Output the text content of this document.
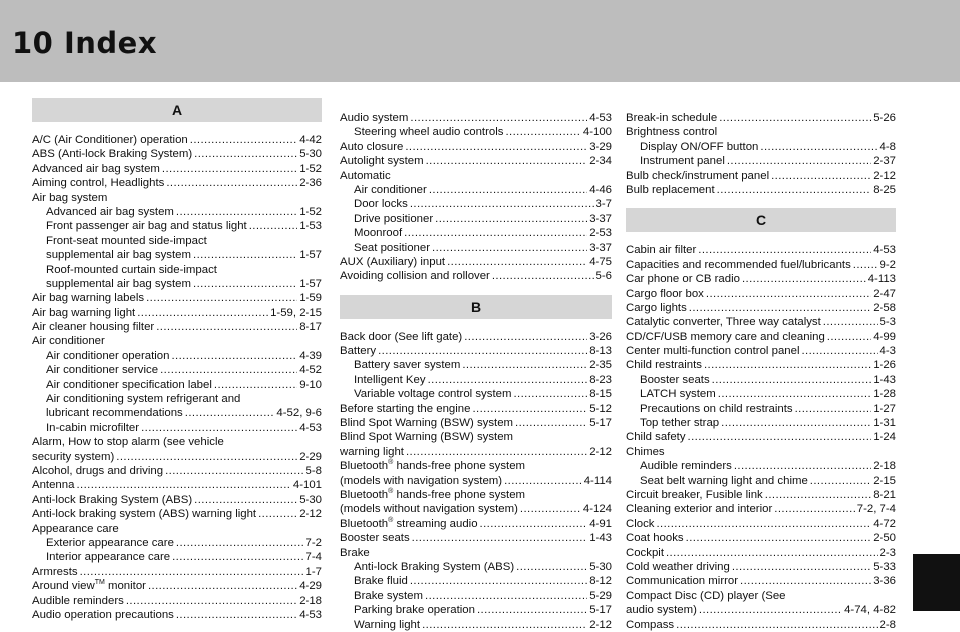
10 Index
A
A/C (Air Conditioner) operation .....	4-42
ABS (Anti-lock Braking System) .....	5-30
Advanced air bag system .....	1-52
Aiming control, Headlights .....	2-36
Air bag system
Advanced air bag system .....	1-52
Front passenger air bag and status light .....	1-53
Front-seat mounted side-impact
supplemental air bag system .....	1-57
Roof-mounted curtain side-impact
supplemental air bag system .....	1-57
Air bag warning labels .....	1-59
Air bag warning light .....	1-59, 2-15
Air cleaner housing filter .....	8-17
Air conditioner
Air conditioner operation .....	4-39
Air conditioner service .....	4-52
Air conditioner specification label .....	9-10
Air conditioning system refrigerant and
lubricant recommendations .....	4-52, 9-6
In-cabin microfilter .....	4-53
Alarm, How to stop alarm (see vehicle
security system) .....	2-29
Alcohol, drugs and driving .....	5-8
Antenna .....	4-101
Anti-lock Braking System (ABS) .....	5-30
Anti-lock braking system (ABS) warning light .....	2-12
Appearance care
Exterior appearance care .....	7-2
Interior appearance care .....	7-4
Armrests .....	1-7
Around view™ monitor .....	4-29
Audible reminders .....	2-18
Audio operation precautions .....	4-53
Audio system .....	4-53
Steering wheel audio controls .....	4-100
Auto closure .....	3-29
Autolight system .....	2-34
Automatic
Air conditioner .....	4-46
Door locks .....	3-7
Drive positioner .....	3-37
Moonroof .....	2-53
Seat positioner .....	3-37
AUX (Auxiliary) input .....	4-75
Avoiding collision and rollover .....	5-6
B
Back door (See lift gate) .....	3-26
Battery .....	8-13
Battery saver system .....	2-35
Intelligent Key .....	8-23
Variable voltage control system .....	8-15
Before starting the engine .....	5-12
Blind Spot Warning (BSW) system .....	5-17
Blind Spot Warning (BSW) system
warning light .....	2-12
Bluetooth® hands-free phone system
(models with navigation system) .....	4-114
Bluetooth® hands-free phone system
(models without navigation system) .....	4-124
Bluetooth® streaming audio .....	4-91
Booster seats .....	1-43
Brake
Anti-lock Braking System (ABS) .....	5-30
Brake fluid .....	8-12
Brake system .....	5-29
Parking brake operation .....	5-17
Warning light .....	2-12
Break-in schedule .....	5-26
Brightness control
Display ON/OFF button .....	4-8
Instrument panel .....	2-37
Bulb check/instrument panel .....	2-12
Bulb replacement .....	8-25
C
Cabin air filter .....	4-53
Capacities and recommended fuel/lubricants .....	9-2
Car phone or CB radio .....	4-113
Cargo floor box .....	2-47
Cargo lights .....	2-58
Catalytic converter, Three way catalyst .....	5-3
CD/CF/USB memory care and cleaning .....	4-99
Center multi-function control panel .....	4-3
Child restraints .....	1-26
Booster seats .....	1-43
LATCH system .....	1-28
Precautions on child restraints .....	1-27
Top tether strap .....	1-31
Child safety .....	1-24
Chimes
Audible reminders .....	2-18
Seat belt warning light and chime .....	2-15
Circuit breaker, Fusible link .....	8-21
Cleaning exterior and interior .....	7-2, 7-4
Clock .....	4-72
Coat hooks .....	2-50
Cockpit .....	2-3
Cold weather driving .....	5-33
Communication mirror .....	3-36
Compact Disc (CD) player (See
audio system) .....	4-74, 4-82
Compass .....	2-8
